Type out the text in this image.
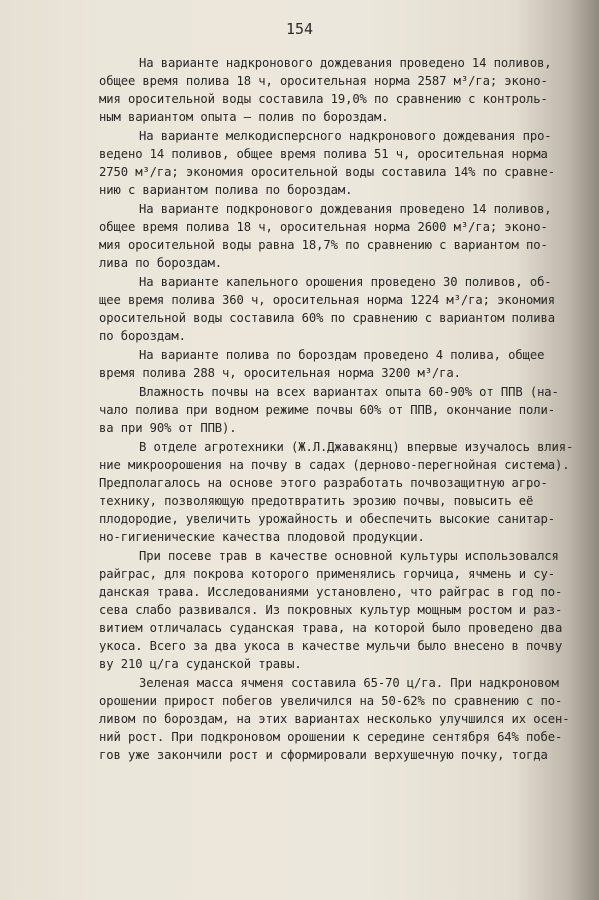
154
На варианте надкронового дождевания проведено 14 поливов,
общее время полива 18 ч, оросительная норма 2587 м³/га; эконо-
мия оросительной воды составила 19,0% по сравнению с контроль-
ным вариантом опыта – полив по бороздам.
На варианте мелкодисперсного надкронового дождевания про-
ведено 14 поливов, общее время полива 51 ч, оросительная норма
2750 м³/га; экономия оросительной воды составила 14% по сравне-
нию с вариантом полива по бороздам.
На варианте подкронового дождевания проведено 14 поливов,
общее время полива 18 ч, оросительная норма 2600 м³/га; эконо-
мия оросительной воды равна 18,7% по сравнению с вариантом по-
лива по бороздам.
На варианте капельного орошения проведено 30 поливов, об-
щее время полива 360 ч, оросительная норма 1224 м³/га; экономия
оросительной воды составила 60% по сравнению с вариантом полива
по бороздам.
На варианте полива по бороздам проведено 4 полива, общее
время полива 288 ч, оросительная норма 3200 м³/га.
Влажность почвы на всех вариантах опыта 60-90% от ППВ (на-
чало полива при водном режиме почвы 60% от ППВ, окончание поли-
ва при 90% от ППВ).
В отделе агротехники (Ж.Л.Джавакянц) впервые изучалось влия-
ние микроорошения на почву в садах (дерново-перегнойная система).
Предполагалось на основе этого разработать почвозащитную агро-
технику, позволяющую предотвратить эрозию почвы, повысить её
плодородие, увеличить урожайность и обеспечить высокие санитар-
но-гигиенические качества плодовой продукции.
При посеве трав в качестве основной культуры использовался
райграс, для покрова которого применялись горчица, ячмень и су-
данская трава. Исследованиями установлено, что райграс в год по-
сева слабо развивался. Из покровных культур мощным ростом и раз-
витием отличалась суданская трава, на которой было проведено два
укоса. Всего за два укоса в качестве мульчи было внесено в почву
ву 210 ц/га суданской травы.
Зеленая масса ячменя составила 65-70 ц/га. При надкроновом
орошении прирост побегов увеличился на 50-62% по сравнению с по-
ливом по бороздам, на этих вариантах несколько улучшился их осен-
ний рост. При подкроновом орошении к середине сентября 64% побе-
гов уже закончили рост и сформировали верхушечную почку, тогда
